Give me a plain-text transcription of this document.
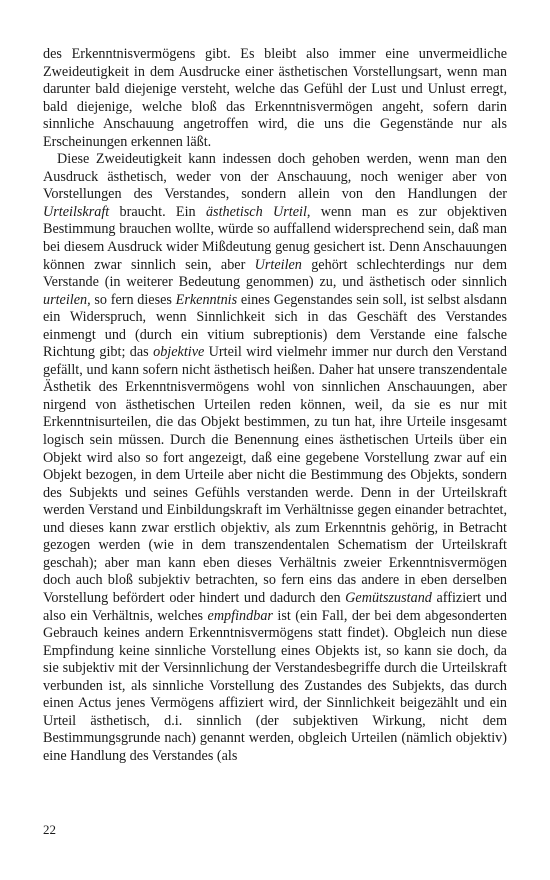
des Erkenntnisvermögens gibt. Es bleibt also immer eine unvermeidliche Zweideutigkeit in dem Ausdrucke einer ästhetischen Vorstellungsart, wenn man darunter bald diejenige versteht, welche das Gefühl der Lust und Unlust erregt, bald diejenige, welche bloß das Erkenntnisvermögen angeht, sofern darin sinnliche Anschauung angetroffen wird, die uns die Gegenstände nur als Erscheinungen erkennen läßt.

Diese Zweideutigkeit kann indessen doch gehoben werden, wenn man den Ausdruck ästhetisch, weder von der Anschauung, noch weniger aber von Vorstellungen des Verstandes, sondern allein von den Handlungen der Urteilskraft braucht. Ein ästhetisch Urteil, wenn man es zur objektiven Bestimmung brauchen wollte, würde so auffallend widersprechend sein, daß man bei diesem Ausdruck wider Mißdeutung genug gesichert ist. Denn Anschauungen können zwar sinnlich sein, aber Urteilen gehört schlechterdings nur dem Verstande (in weiterer Bedeutung genommen) zu, und ästhetisch oder sinnlich urteilen, so fern dieses Erkenntnis eines Gegenstandes sein soll, ist selbst alsdann ein Widerspruch, wenn Sinnlichkeit sich in das Geschäft des Verstandes einmengt und (durch ein vitium subreptionis) dem Verstande eine falsche Richtung gibt; das objektive Urteil wird vielmehr immer nur durch den Verstand gefällt, und kann sofern nicht ästhetisch heißen. Daher hat unsere transzendentale Ästhetik des Erkenntnisvermögens wohl von sinnlichen Anschauungen, aber nirgend von ästhetischen Urteilen reden können, weil, da sie es nur mit Erkenntnisurteilen, die das Objekt bestimmen, zu tun hat, ihre Urteile insgesamt logisch sein müssen. Durch die Benennung eines ästhetischen Urteils über ein Objekt wird also so fort angezeigt, daß eine gegebene Vorstellung zwar auf ein Objekt bezogen, in dem Urteile aber nicht die Bestimmung des Objekts, sondern des Subjekts und seines Gefühls verstanden werde. Denn in der Urteilskraft werden Verstand und Einbildungskraft im Verhältnisse gegen einander betrachtet, und dieses kann zwar erstlich objektiv, als zum Erkenntnis gehörig, in Betracht gezogen werden (wie in dem transzendentalen Schematism der Urteilskraft geschah); aber man kann eben dieses Verhältnis zweier Erkenntnisvermögen doch auch bloß subjektiv betrachten, so fern eins das andere in eben derselben Vorstellung befördert oder hindert und dadurch den Gemütszustand affiziert und also ein Verhältnis, welches empfindbar ist (ein Fall, der bei dem abgesonderten Gebrauch keines andern Erkenntnisvermögens statt findet). Obgleich nun diese Empfindung keine sinnliche Vorstellung eines Objekts ist, so kann sie doch, da sie subjektiv mit der Versinnlichung der Verstandesbegriffe durch die Urteilskraft verbunden ist, als sinnliche Vorstellung des Zustandes des Subjekts, das durch einen Actus jenes Vermögens affiziert wird, der Sinnlichkeit beigezählt und ein Urteil ästhetisch, d.i. sinnlich (der subjektiven Wirkung, nicht dem Bestimmungsgrunde nach) genannt werden, obgleich Urteilen (nämlich objektiv) eine Handlung des Verstandes (als

22
